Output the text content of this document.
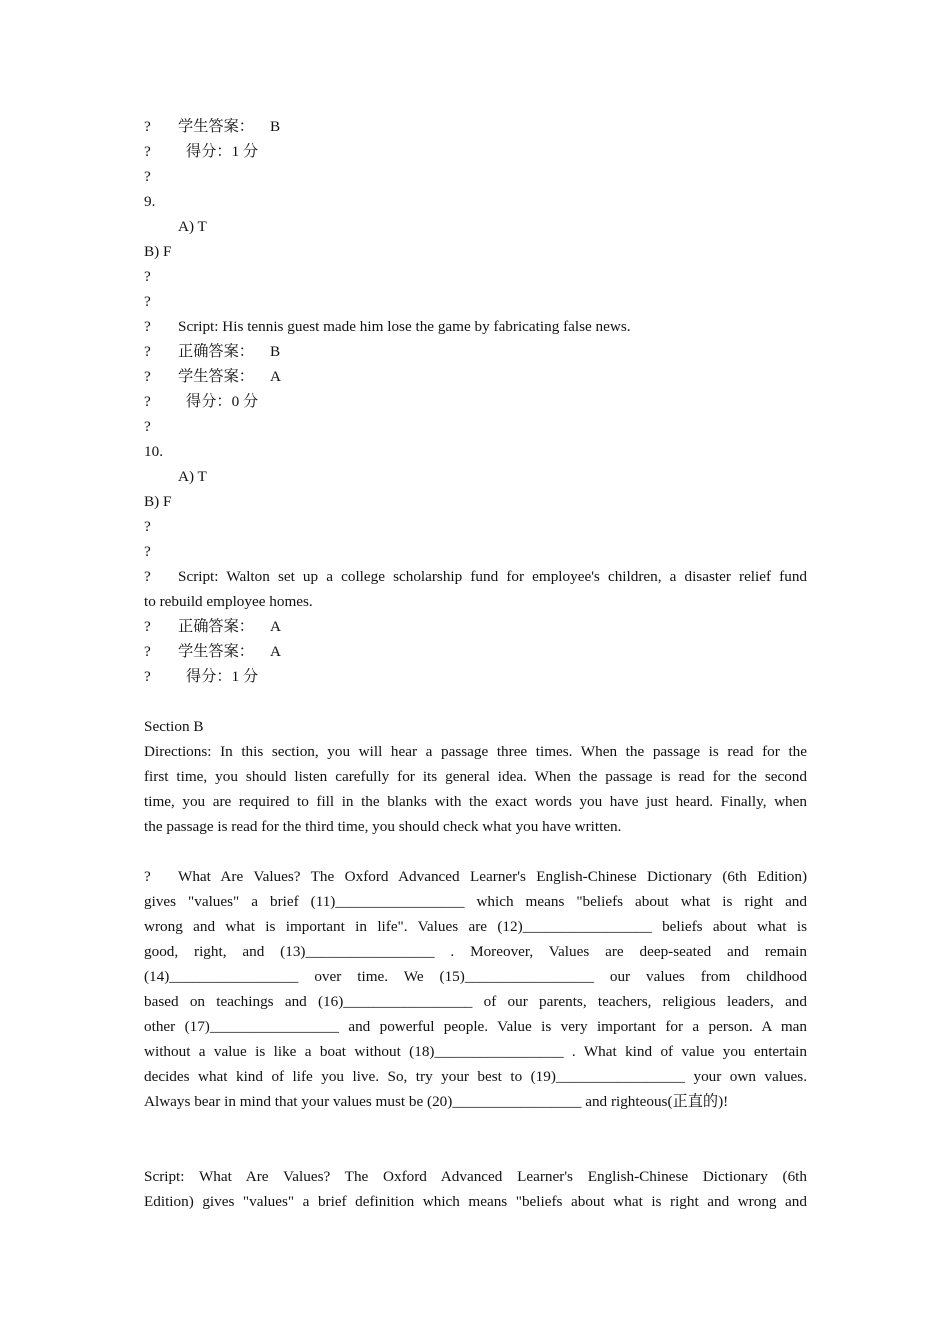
? 学生答案： B
? 得分：1 分
?
9.
A) T
B) F
?
?
? Script: His tennis guest made him lose the game by fabricating false news.
? 正确答案： B
? 学生答案： A
? 得分：0 分
?
10.
A) T
B) F
?
?
? Script: Walton set up a college scholarship fund for employee's children, a disaster relief fund
to rebuild employee homes.
? 正确答案： A
? 学生答案： A
? 得分：1 分
Section B
Directions: In this section, you will hear a passage three times. When the passage is read for the
first time, you should listen carefully for its general idea. When the passage is read for the second
time, you are required to fill in the blanks with the exact words you have just heard. Finally, when
the passage is read for the third time, you should check what you have written.
? What Are Values? The Oxford Advanced Learner's English-Chinese Dictionary (6th Edition)
gives "values" a brief (11)_________________ which means "beliefs about what is right and
wrong and what is important in life". Values are (12)_________________ beliefs about what is
good, right, and (13)_________________ . Moreover, Values are deep-seated and remain
(14)_________________ over time. We (15)_________________ our values from childhood
based on teachings and (16)_________________ of our parents, teachers, religious leaders, and
other (17)_________________ and powerful people. Value is very important for a person. A man
without a value is like a boat without (18)_________________ . What kind of value you entertain
decides what kind of life you live. So, try your best to (19)_________________ your own values.
Always bear in mind that your values must be (20)_________________ and righteous(正直的)!
Script: What Are Values? The Oxford Advanced Learner's English-Chinese Dictionary (6th
Edition) gives "values" a brief definition which means "beliefs about what is right and wrong and
